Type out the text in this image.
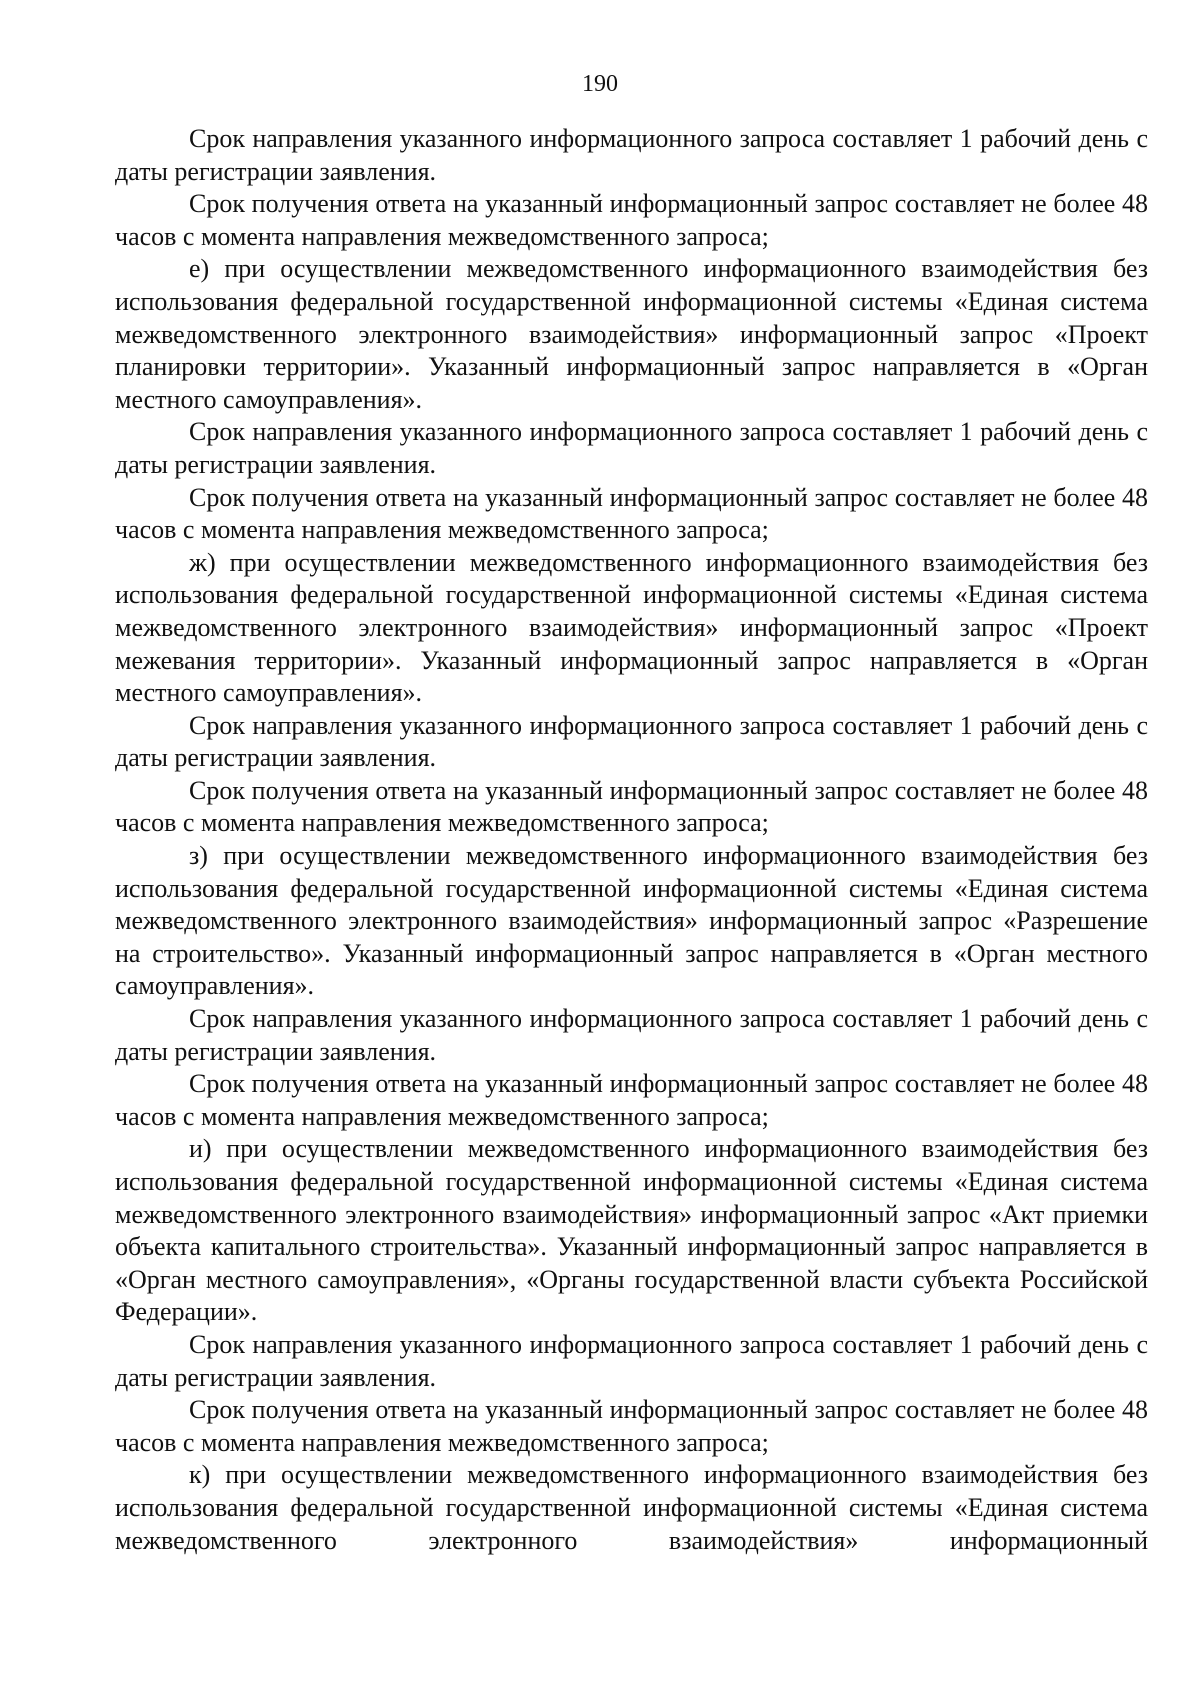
190

Срок направления указанного информационного запроса составляет 1 рабочий день с даты регистрации заявления.

Срок получения ответа на указанный информационный запрос составляет не более 48 часов с момента направления межведомственного запроса;

е) при осуществлении межведомственного информационного взаимодействия без использования федеральной государственной информационной системы «Единая система межведомственного электронного взаимодействия» информационный запрос «Проект планировки территории». Указанный информационный запрос направляется в «Орган местного самоуправления».

Срок направления указанного информационного запроса составляет 1 рабочий день с даты регистрации заявления.

Срок получения ответа на указанный информационный запрос составляет не более 48 часов с момента направления межведомственного запроса;

ж) при осуществлении межведомственного информационного взаимодействия без использования федеральной государственной информационной системы «Единая система межведомственного электронного взаимодействия» информационный запрос «Проект межевания территории». Указанный информационный запрос направляется в «Орган местного самоуправления».

Срок направления указанного информационного запроса составляет 1 рабочий день с даты регистрации заявления.

Срок получения ответа на указанный информационный запрос составляет не более 48 часов с момента направления межведомственного запроса;

з) при осуществлении межведомственного информационного взаимодействия без использования федеральной государственной информационной системы «Единая система межведомственного электронного взаимодействия» информационный запрос «Разрешение на строительство». Указанный информационный запрос направляется в «Орган местного самоуправления».

Срок направления указанного информационного запроса составляет 1 рабочий день с даты регистрации заявления.

Срок получения ответа на указанный информационный запрос составляет не более 48 часов с момента направления межведомственного запроса;

и) при осуществлении межведомственного информационного взаимодействия без использования федеральной государственной информационной системы «Единая система межведомственного электронного взаимодействия» информационный запрос «Акт приемки объекта капитального строительства». Указанный информационный запрос направляется в «Орган местного самоуправления», «Органы государственной власти субъекта Российской Федерации».

Срок направления указанного информационного запроса составляет 1 рабочий день с даты регистрации заявления.

Срок получения ответа на указанный информационный запрос составляет не более 48 часов с момента направления межведомственного запроса;

к) при осуществлении межведомственного информационного взаимодействия без использования федеральной государственной информационной системы «Единая система межведомственного электронного взаимодействия» информационный
